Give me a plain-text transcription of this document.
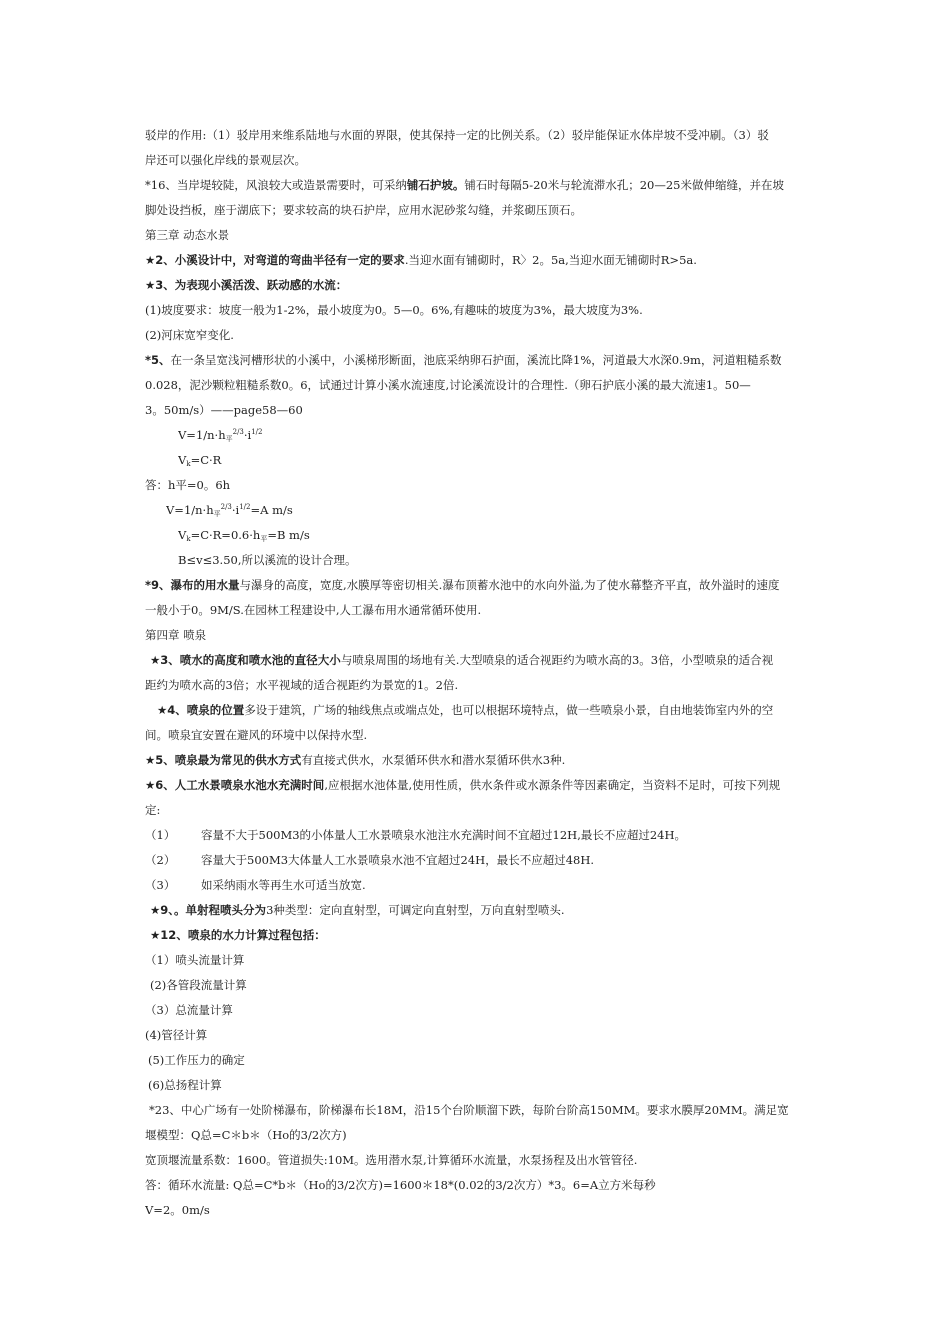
驳岸的作用:（1）驳岸用来维系陆地与水面的界限，使其保持一定的比例关系。（2）驳岸能保证水体岸坡不受冲刷。（3）驳
岸还可以强化岸线的景观层次。
*16、当岸堤较陡，风浪较大或造景需要时，可采纳铺石护坡。铺石时每隔5-20米与轮流滞水孔；20—25米做伸缩缝，并在坡
脚处设挡板，座于湖底下；要求较高的块石护岸，应用水泥砂浆勾缝，并浆砌压顶石。
第三章 动态水景
★2、小溪设计中，对弯道的弯曲半径有一定的要求.当迎水面有铺砌时，R〉2。5a,当迎水面无铺砌时R>5a.
★3、为表现小溪活泼、跃动感的水流：
(1)坡度要求：坡度一般为1-2%，最小坡度为0。5—0。6%,有趣味的坡度为3%，最大坡度为3%.
(2)河床宽窄变化.
*5、在一条呈宽浅河槽形状的小溪中，小溪梯形断面，池底采纳卵石护面，溪流比降1%，河道最大水深0.9m，河道粗糙系数
0.028，泥沙颗粒粗糙系数0。6，试通过计算小溪水流速度,讨论溪流设计的合理性.（卵石护底小溪的最大流速1。50—
3。50m/s）——page58—60
$V=1/n\cdot h_平^{2/3}\cdot i^{1/2}$
$V_k=C\cdot R$
答：h平=0。6h
$V=1/n\cdot h_平^{2/3}\cdot i^{1/2}=A$ m/s
$V_k=C\cdot R=0.6\cdot h_平=B$ m/s
B≤v≤3.50,所以溪流的设计合理。
*9、瀑布的用水量与瀑身的高度，宽度,水膜厚等密切相关.瀑布顶蓄水池中的水向外溢,为了使水幕整齐平直，故外溢时的速度
一般小于0。9M/S.在园林工程建设中,人工瀑布用水通常循环使用.
第四章 喷泉
★3、喷水的高度和喷水池的直径大小与喷泉周围的场地有关.大型喷泉的适合视距约为喷水高的3。3倍，小型喷泉的适合视
距约为喷水高的3倍；水平视域的适合视距约为景宽的1。2倍.
★4、喷泉的位置多设于建筑，广场的轴线焦点或端点处，也可以根据环境特点，做一些喷泉小景，自由地装饰室内外的空
间。喷泉宜安置在避风的环境中以保持水型.
★5、喷泉最为常见的供水方式有直接式供水，水泵循环供水和潜水泵循环供水3种.
★6、人工水景喷泉水池水充满时间,应根据水池体量,使用性质，供水条件或水源条件等因素确定，当资料不足时，可按下列规
定:
（1） 容量不大于500M3的小体量人工水景喷泉水池注水充满时间不宜超过12H,最长不应超过24H。
（2） 容量大于500M3大体量人工水景喷泉水池不宜超过24H，最长不应超过48H.
（3） 如采纳雨水等再生水可适当放宽.
★9、。单射程喷头分为3种类型：定向直射型，可调定向直射型，万向直射型喷头.
★12、喷泉的水力计算过程包括：
（1）喷头流量计算
(2)各管段流量计算
（3）总流量计算
(4)管径计算
(5)工作压力的确定
(6)总扬程计算
*23、中心广场有一处阶梯瀑布，阶梯瀑布长18M，沿15个台阶顺溜下跌，每阶台阶高150MM。要求水膜厚20MM。满足宽
堰模型：Q总=C＊b＊（Ho的3/2次方)
宽顶堰流量系数：1600。管道损失:10M。选用潜水泵,计算循环水流量，水泵扬程及出水管管径.
答：循环水流量: Q总=C*b＊（Ho的3/2次方)=1600＊18*(0.02的3/2次方）*3。6=A立方米每秒
V=2。0m/s
